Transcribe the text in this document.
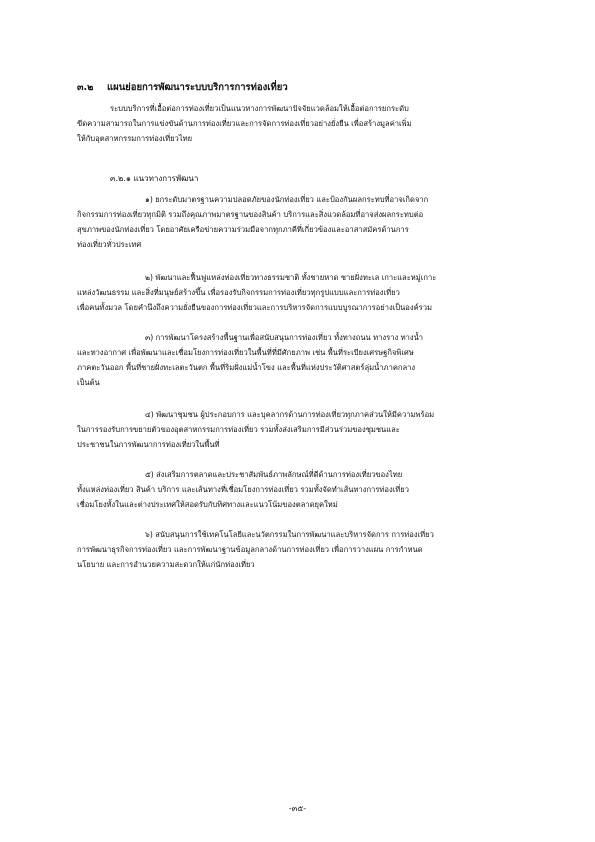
๓.๒ แผนย่อยการพัฒนาระบบบริการการท่องเที่ยว
ระบบบริการที่เอื้อต่อการท่องเที่ยวเป็นแนวทางการพัฒนาปัจจัยแวดล้อมให้เอื้อต่อการยกระดับ
ขีดความสามารถในการแข่งขันด้านการท่องเที่ยวและการจัดการท่องเที่ยวอย่างยั่งยืน เพื่อสร้างมูลค่าเพิ่ม
ให้กับอุตสาหกรรมการท่องเที่ยวไทย
๓.๒.๑ แนวทางการพัฒนา
๑) ยกระดับมาตรฐานความปลอดภัยของนักท่องเที่ยว และป้องกันผลกระทบที่อาจเกิดจาก
กิจกรรมการท่องเที่ยวทุกมิติ รวมถึงคุณภาพมาตรฐานของสินค้า บริการและสิ่งแวดล้อมที่อาจส่งผลกระทบต่อ
สุขภาพของนักท่องเที่ยว โดยอาศัยเครือข่ายความร่วมมือจากทุกภาคีที่เกี่ยวข้องและอาสาสมัครด้านการ
ท่องเที่ยวทั่วประเทศ
๒) พัฒนาและฟื้นฟูแหล่งท่องเที่ยวทางธรรมชาติ ทั้งชายหาด ชายฝั่งทะเล เกาะและหมู่เกาะ
แหล่งวัฒนธรรม และสิ่งที่มนุษย์สร้างขึ้น เพื่อรองรับกิจกรรมการท่องเที่ยวทุกรูปแบบและการท่องเที่ยว
เพื่อคนทั้งมวล โดยคำนึงถึงความยั่งยืนของการท่องเที่ยวและการบริหารจัดการแบบบูรณาการอย่างเป็นองค์รวม
๓) การพัฒนาโครงสร้างพื้นฐานเพื่อสนับสนุนการท่องเที่ยว ทั้งทางถนน ทางราง ทางน้ำ
และทางอากาศ เพื่อพัฒนาและเชื่อมโยงการท่องเที่ยวในพื้นที่ที่มีศักยภาพ เช่น พื้นที่ระเบียงเศรษฐกิจพิเศษ
ภาคตะวันออก พื้นที่ชายฝั่งทะเลตะวันตก พื้นที่ริมฝั่งแม่น้ำโขง และพื้นที่แห่งประวัติศาสตร์ลุ่มน้ำภาคกลาง
เป็นต้น
๔) พัฒนาชุมชน ผู้ประกอบการ และบุคลากรด้านการท่องเที่ยวทุกภาคส่วนให้มีความพร้อม
ในการรองรับการขยายตัวของอุตสาหกรรมการท่องเที่ยว รวมทั้งส่งเสริมการมีส่วนร่วมของชุมชนและ
ประชาชนในการพัฒนาการท่องเที่ยวในพื้นที่
๕) ส่งเสริมการตลาดและประชาสัมพันธ์ภาพลักษณ์ที่ดีด้านการท่องเที่ยวของไทย
ทั้งแหล่งท่องเที่ยว สินค้า บริการ และเส้นทางที่เชื่อมโยงการท่องเที่ยว รวมทั้งจัดทำเส้นทางการท่องเที่ยว
เชื่อมโยงทั้งในและต่างประเทศให้สอดรับกับทิศทางและแนวโน้มของตลาดยุคใหม่
๖) สนับสนุนการใช้เทคโนโลยีและนวัตกรรมในการพัฒนาและบริหารจัดการ การท่องเที่ยว
การพัฒนาธุรกิจการท่องเที่ยว และการพัฒนาฐานข้อมูลกลางด้านการท่องเที่ยว เพื่อการวางแผน การกำหนด
นโยบาย และการอำนวยความสะดวกให้แก่นักท่องเที่ยว
-๓๕-
